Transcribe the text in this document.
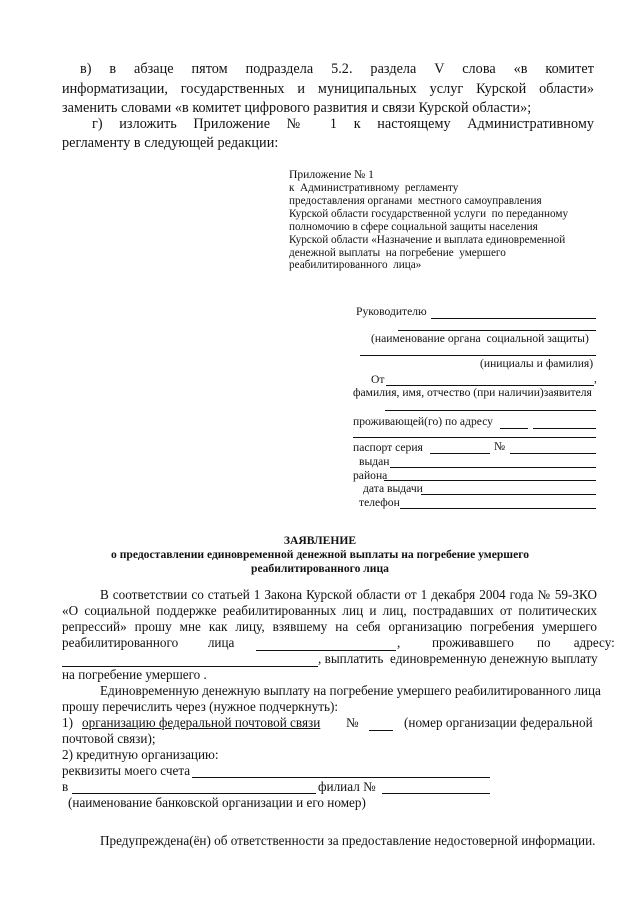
в) в абзаце пятом подраздела 5.2. раздела V слова «в комитет
информатизации, государственных и муниципальных услуг Курской области»
заменить словами «в комитет цифрового развития и связи Курской области»;
г) изложить Приложение № 1 к настоящему Административному
регламенту в следующей редакции:
Приложение № 1
к  Административному  регламенту
предоставления органами  местного самоуправления
Курской области государственной услуги  по переданному
полномочию в сфере социальной защиты населения
Курской области «Назначение и выплата единовременной
денежной выплаты  на погребение  умершего
реабилитированного  лица»
Руководителю
(наименование органа  социальной защиты)
(инициалы и фамилия)
От	,
фамилия, имя, отчество (при наличии)заявителя
проживающей(го) по адресу
паспорт серия	№
выдан
района
дата выдачи
телефон
ЗАЯВЛЕНИЕ
о предоставлении единовременной денежной выплаты на погребение умершего
реабилитированного лица
В соответствии со статьей 1 Закона Курской области от 1 декабря 2004 года № 59-ЗКО
«О социальной поддержке реабилитированных лиц и лиц, пострадавших от политических
репрессий» прошу мне как лицу, взявшему на себя организацию погребения умершего
реабилитированного         лица	, проживавшего       по       адресу:
, выплатить  единовременную денежную выплату
на погребение умершего .
Единовременную денежную выплату на погребение умершего реабилитированного лица
прошу перечислить через (нужное подчеркнуть):
1) организацию федеральной почтовой связи №	(номер организации федеральной
почтовой связи);
2) кредитную организацию:
реквизиты моего счета
в	филиал №
(наименование банковской организации и его номер)
Предупреждена(ён) об ответственности за предоставление недостоверной информации.
